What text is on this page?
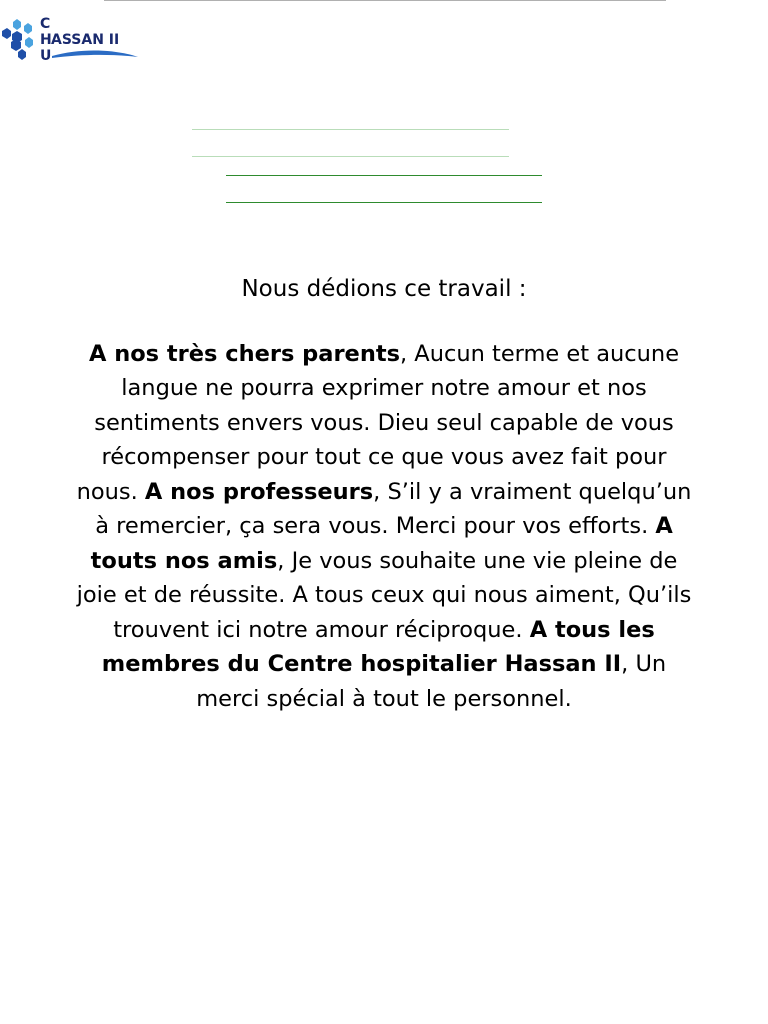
C
H ASSAN II
U

Nous dédions ce travail :

A nos très chers parents, Aucun terme et aucune langue ne pourra exprimer notre amour et nos sentiments envers vous. Dieu seul capable de vous récompenser pour tout ce que vous avez fait pour nous. A nos professeurs, S’il y a vraiment quelqu’un à remercier, ça sera vous. Merci pour vos efforts. A touts nos amis, Je vous souhaite une vie pleine de joie et de réussite. A tous ceux qui nous aiment, Qu’ils trouvent ici notre amour réciproque. A tous les membres du Centre hospitalier Hassan II, Un merci spécial à tout le personnel.
